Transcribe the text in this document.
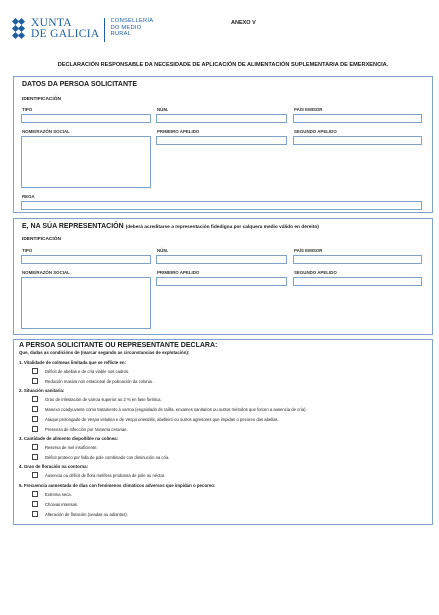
XUNTA
DE GALICIA
CONSELLERÍA
DO MEDIO
RURAL
ANEXO V
DECLARACIÓN RESPONSABLE DA NECESIDADE DE APLICACIÓN DE ALIMENTACIÓN SUPLEMENTARIA DE EMERXENCIA.
DATOS DA PERSOA SOLICITANTE
IDENTIFICACIÓN
TIPO	NÚM.	PAÍS EMISOR
NOME/RAZÓN SOCIAL	PRIMEIRO APELIDO	SEGUNDO APELIDO
REGA
E, NA SÚA REPRESENTACIÓN (deberá acreditarse a representación fidedigna por calquera medio válido en dereito)
IDENTIFICACIÓN
TIPO	NÚM.	PAÍS EMISOR
NOME/RAZÓN SOCIAL	PRIMEIRO APELIDO	SEGUNDO APELIDO
A PERSOA SOLICITANTE OU REPRESENTANTE DECLARA:
Que, dadas as condicións de (marcar segundo as circunstancias de explotación):
1. Vitalidade de colmeas limitada que se reflicte en:
Déficit de abellas e de cría viable nos cadros.
Redución masiva non estacional de poboación da colonia.
2. Situación sanitaria:
Grao de infestación de varroa superior ao 2 % en fase forética.
Manexo coadyuvante como tratamento á varroa (engaiolado de raíña, enxames sanitarios ou outros métodos que forcen a ausencia de cría).
Ataque prolongado de Vespa velutina e de Vespa orientalis, abelleiro ou outros agresores que impidan o pecoreo das abellas.
Presenza de infección por Nosema ceranae.
3. Cantidade de alimento dispoñible na colmea:
Reserva de mel insuficiente.
Déficit proteico por falla de pole combinado con diminución na cría.
4. Grao de floración na contorna:
Ausencia ou déficit de flora melífera produtora de pole ou néctar.
5. Frecuencia aumentada de días con fenómenos climáticos adversos que impidan o pecoreo:
Extrema seca.
Choivas intensas.
Alteración de floración (xeadas ou adiantos).
